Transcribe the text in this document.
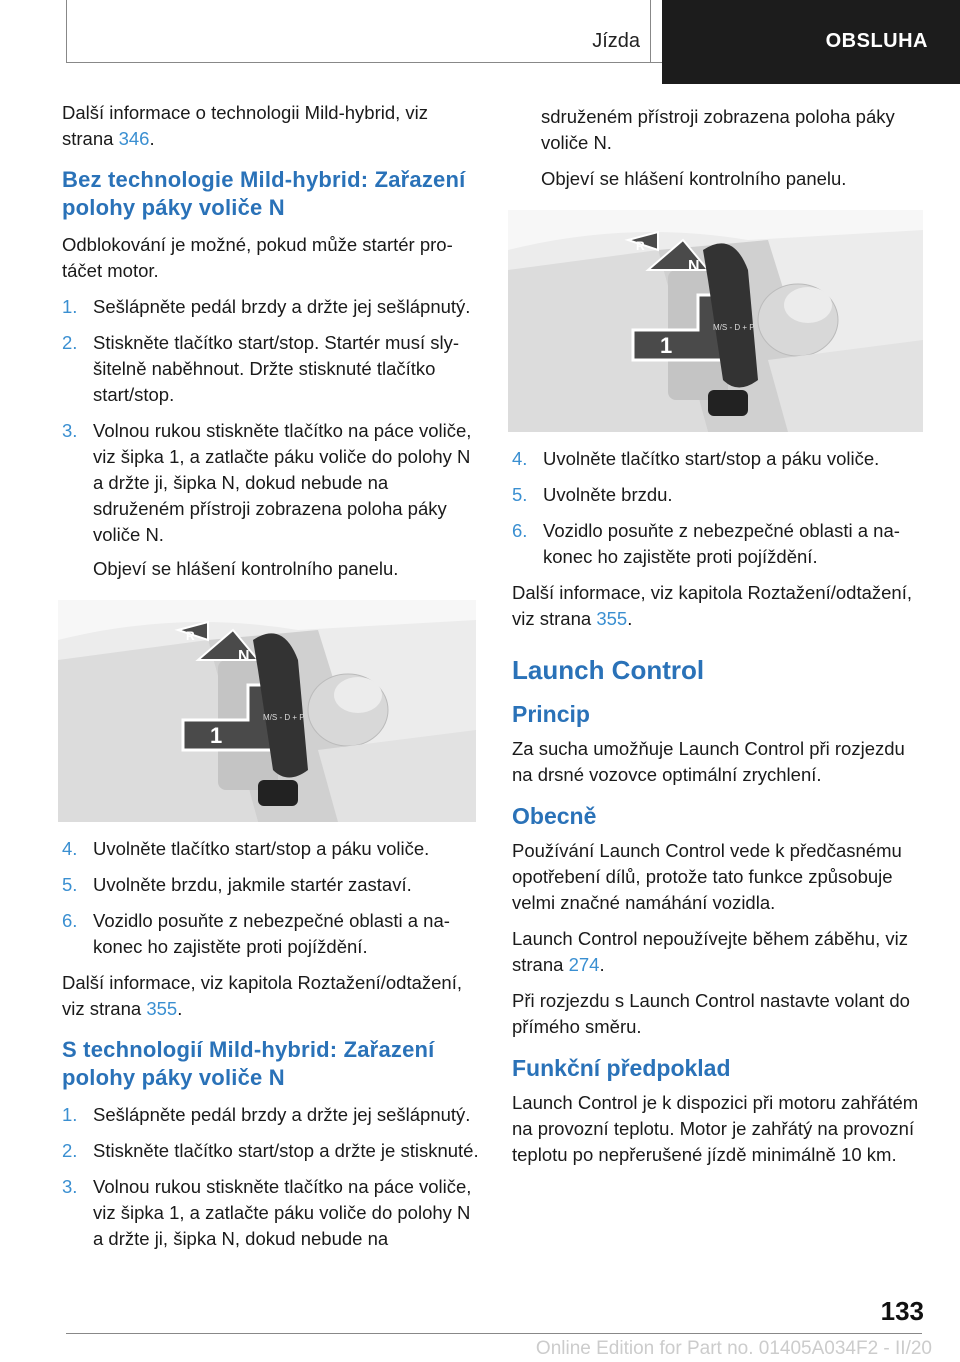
Jízda	OBSLUHA

Další informace o technologii Mild-hybrid, viz strana 346.

Bez technologie Mild-hybrid: Zařazení polohy páky voliče N

Odblokování je možné, pokud může startér protáčet motor.

1. Sešlápněte pedál brzdy a držte jej sešlápnutý.
2. Stiskněte tlačítko start/stop. Startér musí slyšitelně naběhnout. Držte stisknuté tlačítko start/stop.
3. Volnou rukou stiskněte tlačítko na páce voliče, viz šipka 1, a zatlačte páku voliče do polohy N a držte ji, šipka N, dokud nebude na sdruženém přístroji zobrazena poloha páky voliče N.

Objeví se hlášení kontrolního panelu.

N
R
1
M/S - D + P
4. Uvolněte tlačítko start/stop a páku voliče.
5. Uvolněte brzdu, jakmile startér zastaví.
6. Vozidlo posuňte z nebezpečné oblasti a nakonec ho zajistěte proti pojíždění.

Další informace, viz kapitola Roztažení/odtažení, viz strana 355.

S technologií Mild-hybrid: Zařazení polohy páky voliče N
1. Sešlápněte pedál brzdy a držte jej sešlápnutý.
2. Stiskněte tlačítko start/stop a držte je stisknuté.
3. Volnou rukou stiskněte tlačítko na páce voliče, viz šipka 1, a zatlačte páku voliče do polohy N a držte ji, šipka N, dokud nebude na

sdruženém přístroji zobrazena poloha páky voliče N.

Objeví se hlášení kontrolního panelu.

N
R
1
M/S - D + P
4. Uvolněte tlačítko start/stop a páku voliče.
5. Uvolněte brzdu.
6. Vozidlo posuňte z nebezpečné oblasti a nakonec ho zajistěte proti pojíždění.

Další informace, viz kapitola Roztažení/odtažení, viz strana 355.

Launch Control
Princip

Za sucha umožňuje Launch Control při rozjezdu na drsné vozovce optimální zrychlení.

Obecně

Používání Launch Control vede k předčasnému opotřebení dílů, protože tato funkce způsobuje velmi značné namáhání vozidla.

Launch Control nepoužívejte během záběhu, viz strana 274.

Při rozjezdu s Launch Control nastavte volant do přímého směru.

Funkční předpoklad

Launch Control je k dispozici při motoru zahřátém na provozní teplotu. Motor je zahřátý na provozní teplotu po nepřerušené jízdě minimálně 10 km.

133
Online Edition for Part no. 01405A034F2 - II/20
